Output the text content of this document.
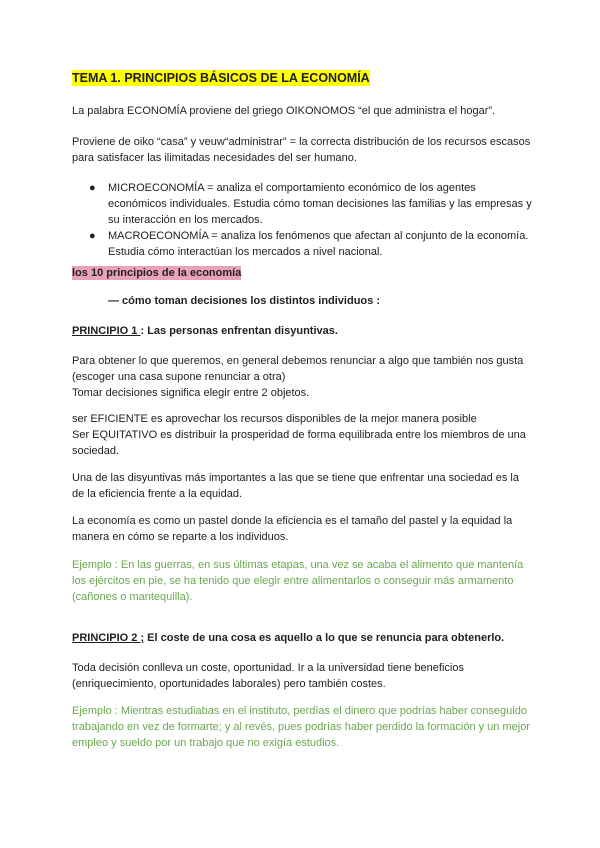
TEMA 1. PRINCIPIOS BÁSICOS DE LA ECONOMÍA

La palabra ECONOMÍA proviene del griego OIKONOMOS “el que administra el hogar”.

Proviene de oiko “casa” y veuw“administrar” = la correcta distribución de los recursos escasos para satisfacer las ilimitadas necesidades del ser humano.

● MICROECONOMÍA = analiza el comportamiento económico de los agentes económicos individuales. Estudia cómo toman decisiones las familias y las empresas y su interacción en los mercados.
● MACROECONOMÍA = analiza los fenómenos que afectan al conjunto de la economía. Estudia cómo interactúan los mercados a nivel nacional.

los 10 principios de la economía

— cómo toman decisiones los distintos individuos :

PRINCIPIO 1 : Las personas enfrentan disyuntivas.

Para obtener lo que queremos, en general debemos renunciar a algo que también nos gusta
(escoger una casa supone renunciar a otra)
Tomar decisiones significa elegir entre 2 objetos.
ser EFICIENTE es aprovechar los recursos disponibles de la mejor manera posible
Ser EQUITATIVO es distribuir la prosperidad de forma equilibrada entre los miembros de una sociedad.

Una de las disyuntivas más importantes a las que se tiene que enfrentar una sociedad es la de la eficiencia frente a la equidad.

La economía es como un pastel donde la eficiencia es el tamaño del pastel y la equidad la manera en cómo se reparte a los individuos.

Ejemplo : En las guerras, en sus últimas etapas, una vez se acaba el alimento que mantenía los ejércitos en pie, se ha tenido que elegir entre alimentarlos o conseguir más armamento (cañones o mantequilla).

PRINCIPIO 2 ; El coste de una cosa es aquello a lo que se renuncia para obtenerlo.

Toda decisión conlleva un coste, oportunidad. Ir a la universidad tiene beneficios (enriquecimiento, oportunidades laborales) pero también costes.

Ejemplo : Mientras estudiabas en el instituto, perdías el dinero que podrías haber conseguido trabajando en vez de formarte; y al revés, pues podrías haber perdido la formación y un mejor empleo y sueldo por un trabajo que no exigía estudios.
